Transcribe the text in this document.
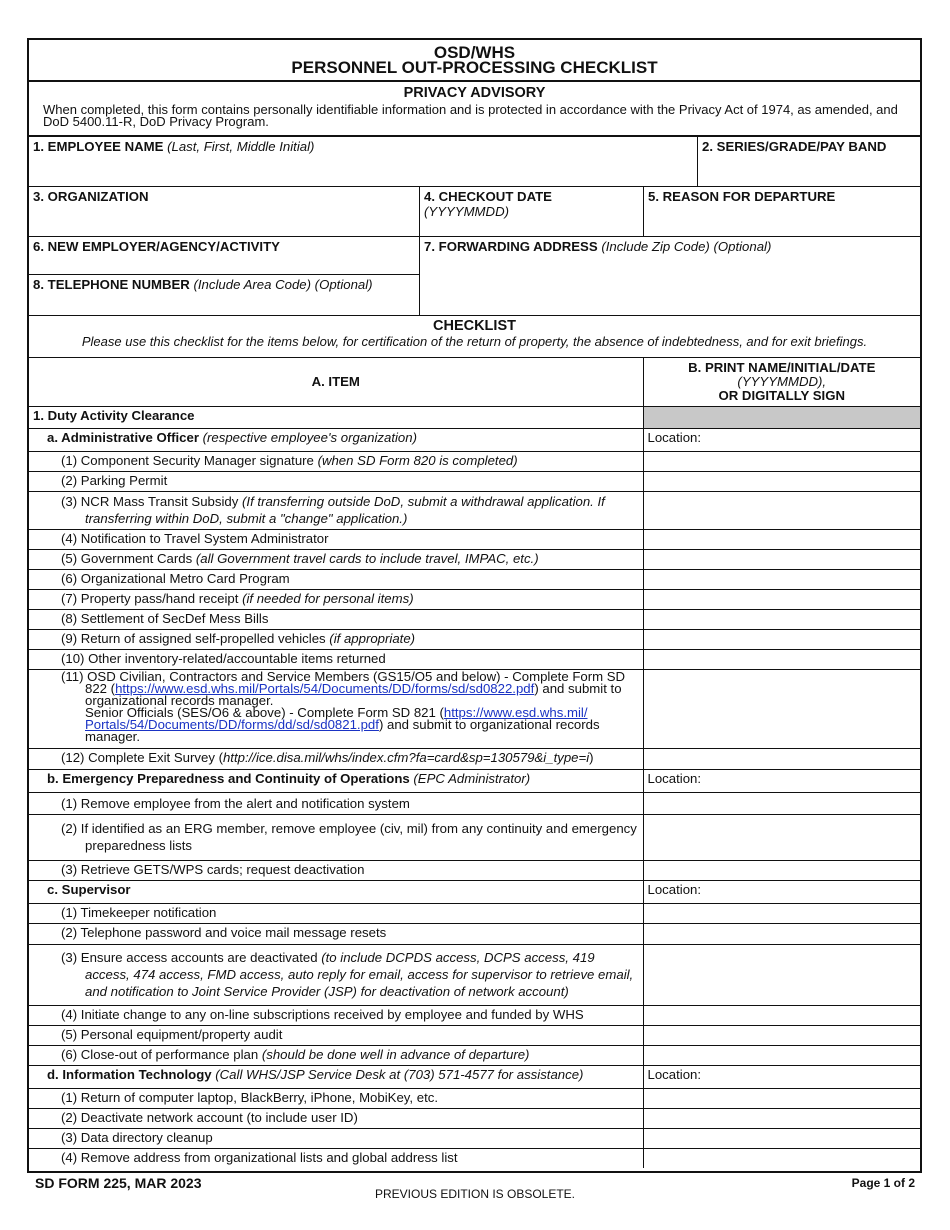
OSD/WHS
PERSONNEL OUT-PROCESSING CHECKLIST
PRIVACY ADVISORY
When completed, this form contains personally identifiable information and is protected in accordance with the Privacy Act of 1974, as amended, and DoD 5400.11-R, DoD Privacy Program.
1. EMPLOYEE NAME (Last, First, Middle Initial)	2. SERIES/GRADE/PAY BAND
3. ORGANIZATION	4. CHECKOUT DATE (YYYYMMDD)
5. REASON FOR DEPARTURE
6. NEW EMPLOYER/AGENCY/ACTIVITY
8. TELEPHONE NUMBER (Include Area Code) (Optional)
7. FORWARDING ADDRESS (Include Zip Code) (Optional)
CHECKLIST
Please use this checklist for the items below, for certification of the return of property, the absence of indebtedness, and for exit briefings.
A. ITEM	B. PRINT NAME/INITIAL/DATE
(YYYYMMDD),
OR DIGITALLY SIGN

1. Duty Activity Clearance	
a. Administrative Officer (respective employee's organization)	Location:
(1) Component Security Manager signature (when SD Form 820 is completed)	
(2) Parking Permit	

(3) NCR Mass Transit Subsidy (If transferring outside DoD, submit a withdrawal application. If transferring within DoD, submit a "change" application.)	

(4) Notification to Travel System Administrator	
(5) Government Cards (all Government travel cards to include travel, IMPAC, etc.)	
(6) Organizational Metro Card Program	
(7) Property pass/hand receipt (if needed for personal items)	
(8) Settlement of SecDef Mess Bills	
(9) Return of assigned self-propelled vehicles (if appropriate)	
(10) Other inventory-related/accountable items returned	

(11) OSD Civilian, Contractors and Service Members (GS15/O5 and below) - Complete Form SD 822 (https://www.esd.whs.mil/Portals/54/Documents/DD/forms/sd/sd0822.pdf) and submit to organizational records manager.
Senior Officials (SES/O6 & above) - Complete Form SD 821 (https://www.esd.whs.mil/ Portals/54/Documents/DD/forms/dd/sd/sd0821.pdf) and submit to organizational records manager.	

(12) Complete Exit Survey (http://ice.disa.mil/whs/index.cfm?fa=card&sp=130579&i_type=i)	
b. Emergency Preparedness and Continuity of Operations (EPC Administrator)	Location:
(1) Remove employee from the alert and notification system	

(2) If identified as an ERG member, remove employee (civ, mil) from any continuity and emergency preparedness lists	

(3) Retrieve GETS/WPS cards; request deactivation	
c. Supervisor	Location:
(1) Timekeeper notification	
(2) Telephone password and voice mail message resets	

(3) Ensure access accounts are deactivated (to include DCPDS access, DCPS access, 419 access, 474 access, FMD access, auto reply for email, access for supervisor to retrieve email, and notification to Joint Service Provider (JSP) for deactivation of network account)	

(4) Initiate change to any on-line subscriptions received by employee and funded by WHS	
(5) Personal equipment/property audit	
(6) Close-out of performance plan (should be done well in advance of departure)	
d. Information Technology (Call WHS/JSP Service Desk at (703) 571-4577 for assistance)	Location:
(1) Return of computer laptop, BlackBerry, iPhone, MobiKey, etc.	
(2) Deactivate network account (to include user ID)	
(3) Data directory cleanup	
(4) Remove address from organizational lists and global address list	
SD FORM 225, MAR 2023
PREVIOUS EDITION IS OBSOLETE.
Page 1 of 2
